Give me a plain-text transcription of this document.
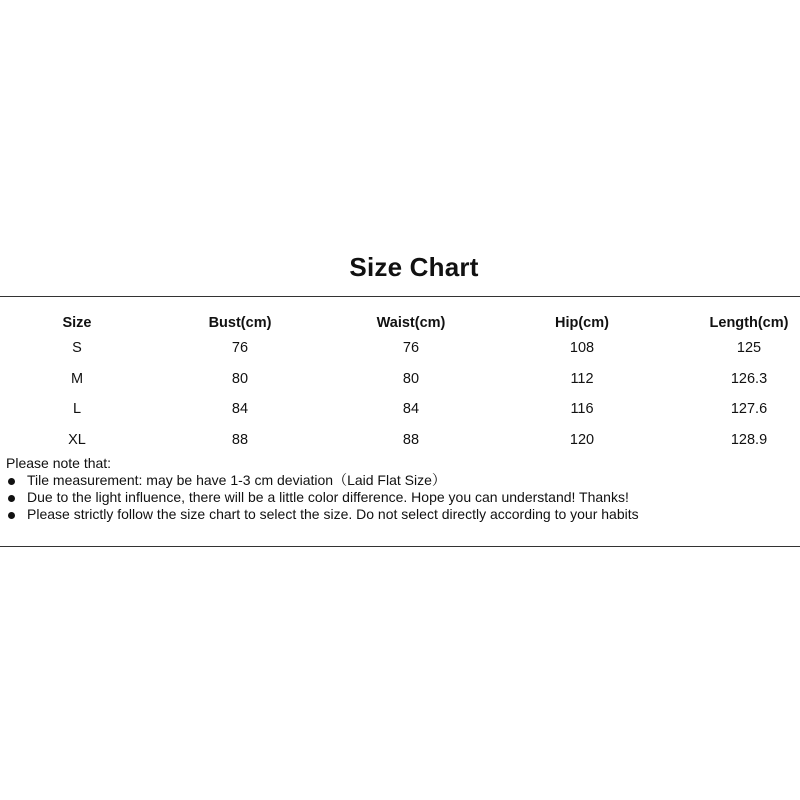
Size Chart
Size	Bust(cm)	Waist(cm)	Hip(cm)	Length(cm)
S	76	76	108	125
M	80	80	112	126.3
L	84	84	116	127.6
XL	88	88	120	128.9
Please note that:
Tile measurement: may be have 1-3 cm deviation（Laid Flat Size）
Due to the light influence, there will be a little color difference. Hope you can understand! Thanks!
Please strictly follow the size chart to select the size. Do not select directly according to your habits
